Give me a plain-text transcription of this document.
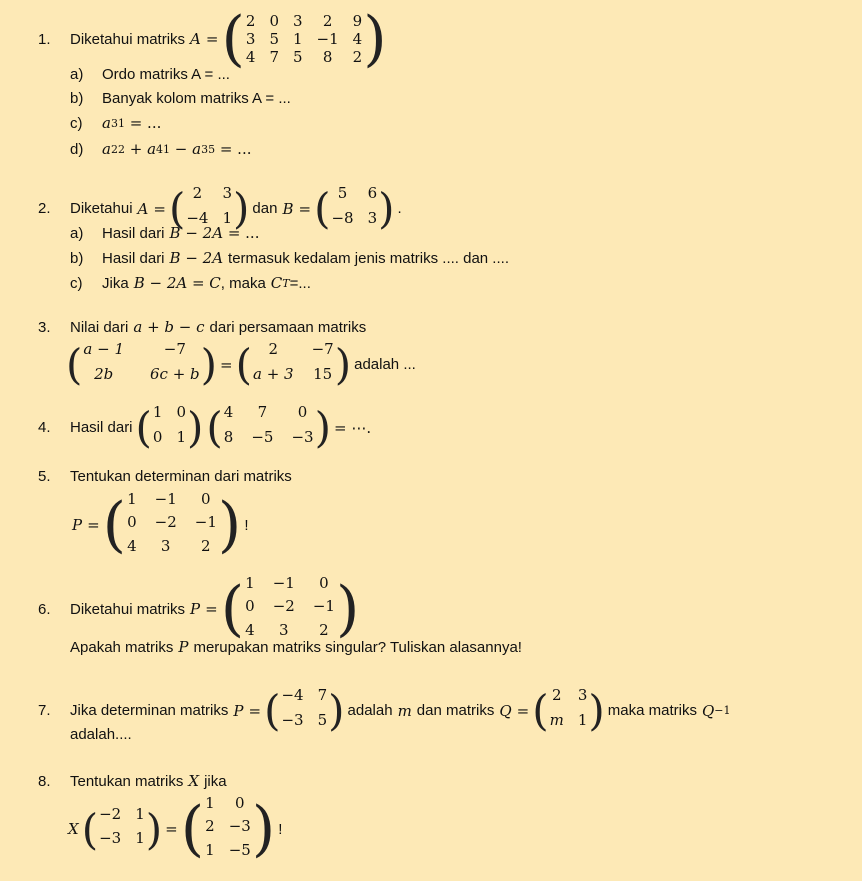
1.	Diketahui matriks A = ( 2 0 3	2	9
3 5 1 −1 4
4 7 5	8	2 )
a)	Ordo matriks A = ...
b)	Banyak kolom matriks A = ...
c)	a 31 = ...
d)	a 22 + a 41 − a 35 = ...
2.	Diketahui A = ( 2	3
−4 1 ) dan B = ( 5	6
−8 3 ) .
a)	Hasil dari B − 2A = ...
b)	Hasil dari B − 2A termasuk kedalam jenis matriks .... dan ....
c)	Jika B − 2A = C , maka C T =...
3.	Nilai dari a + b − c dari persamaan matriks
( a − 1	−7
2b	6c + b ) = (	2	−7
a + 3 15 ) adalah ...
4.	Hasil dari ( 1 0
0 1 ) ( 4	7	0
8 −5 −3 ) = ⋯.
5.	Tentukan determinan dari matriks
P = ( 1 −1	0
0 −2 −1
4	3	2 ) !
6.	Diketahui matriks P = ( 1 −1	0
0 −2 −1
4	3	2 )
Apakah matriks P merupakan matriks singular? Tuliskan alasannya!
7.	Jika determinan matriks P = ( −4 7
−3 5 ) adalah m dan matriks Q = ( 2 3
m 1 ) maka matriks Q −1
adalah....
8.	Tentukan matriks X jika
X ( −2 1
−3 1 ) = ( 1	0
2 −3
1 −5 ) !
